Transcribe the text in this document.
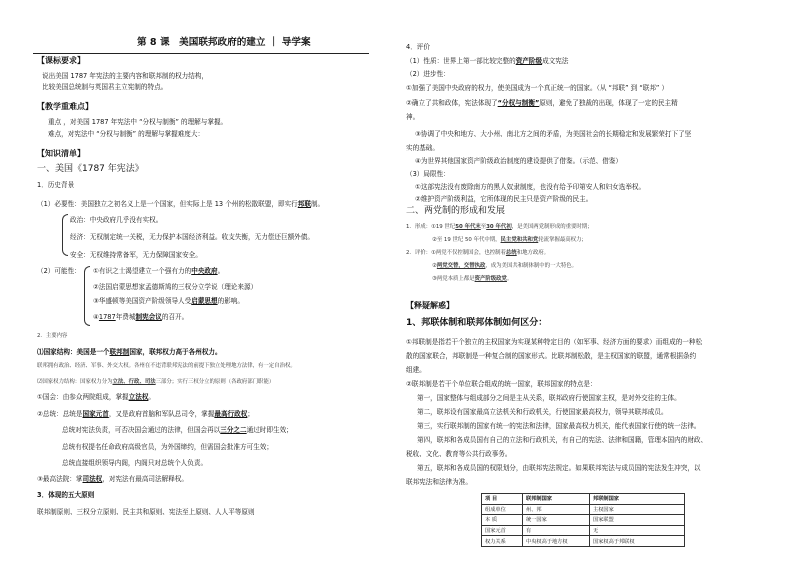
第 8 课　美国联邦政府的建立 ｜ 导学案
【课标要求】
说出美国 1787 年宪法的主要内容和联邦制的权力结构，
比较美国总统制与英国君主立宪制的特点。
【教学重难点】
重点 ，对美国 1787 年宪法中 “分权与制衡” 的理解与掌握。
难点，对宪法中 “分权与制衡” 的理解与掌握难度大：
【知识清单】
一、美国《1787 年宪法》
1．历史背景
（1）必要性：美国独立之初名义上是一个国家，但实际上是 13 个州的松散联盟，即实行邦联制。
政治：中央政府几乎没有实权。
经济：无权制定统一关税，无力保护本国经济利益。收支失衡，无力偿还巨额外债。
安全：无权维持常备军，无力保障国家安全。
（2）可能性： ①有识之士渴望建立一个强有力的中央政府。
②法国启蒙思想家孟德斯鸠的三权分立学说（理论来源）
③华盛顿等美国资产阶级领导人受启蒙思想的影响。
④1787年费城制宪会议的召开。
2．主要内容
⑴国家结构：美国是一个联邦制国家，联邦权力高于各州权力。
联邦拥有政治、经济、军事、外交大权。各州在不违背联邦宪法的前提下独立处理地方法律，有一定自治权。
⑵国家权力结构：国家权力分为立法、行政、司法三部分；实行三权分立的原则（各政府部门职能）
①国会：由参众两院组成，掌握立法权。
②总统：总统是国家元首，又是政府首脑和军队总司令，掌握最高行政权；
总统对宪法负责，可否决国会通过的法律，但国会再以三分之二通过时即生效；
总统有权提名任命政府高级官员，为外国缔约，但需国会批准方可生效；
总统直接组织领导内阁，内阁只对总统个人负责。
③最高法院：掌司法权，对宪法有最高司法解释权。
3．体现的五大原则
联邦制原则、三权分立原则、民主共和原则、宪法至上原则、人人平等原则
4．评价
（1）性质：世界上第一部比较完整的资产阶级成文宪法
（2）进步性：
①加强了美国中央政府的权力，使美国成为一个真正统一的国家。（从 “邦联” 到 “联邦” ）
②确立了共和政体，宪法体现了“分权与制衡”原则，避免了独裁的出现，体现了一定的民主精
神。
③协调了中央和地方、大小州、南北方之间的矛盾，为美国社会的长期稳定和发展繁荣打下了坚
实的基础。
④为世界其他国家资产阶级政治制度的建设提供了借鉴。（示范、借鉴）
（3）局限性：
①这部宪法没有废除南方的黑人奴隶制度，也没有给予印第安人和妇女选举权。
②维护资产阶级利益，它所体现的民主只是资产阶级的民主。
二、两党制的形成和发展
1．形成：①19 世纪50 年代末至30 年代初，是美国两党制形成的重要时期；
②至 19 世纪 50 年代中期，民主党和共和党轮流掌握最高权力；
2．评价：①两党不仅控制国会，也控制着总统和地方政府。
②两党交替，交替执政，成为美国共和制体制中的一大特色。
③两党本质上都是资产阶级政党。
【释疑解惑】
1、邦联体制和联邦体制如何区分：
①邦联制是指若干个独立的主权国家为实现某种特定目的（如军事、经济方面的要求）而组成的一种松
散的国家联合，邦联制是一种复合制的国家形式。比联邦制松散，是主权国家的联盟，通常根据条约
组建。
②联邦制是若干个单位联合组成的统一国家，联邦国家的特点是：
第一，国家整体与组成部分之间是主从关系，联邦政府行使国家主权，是对外交往的主体。
第二，联邦设有国家最高立法机关和行政机关，行使国家最高权力，领导其联邦成员。
第三，实行联邦制的国家有统一的宪法和法律，国家最高权力机关，能代表国家行使的统一法律。
第四，联邦和各成员国有自己的立法和行政机关，有自己的宪法、法律和国籍，管理本国内的财政、
税收、文化、教育等公共行政事务。
第五，联邦和各成员国的权限划分，由联邦宪法规定。如果联邦宪法与成员国的宪法发生冲突，以
联邦宪法和法律为准。
项 目	联邦制国家	邦联制国家
组成单位	州、邦	主权国家
本 质	统一国家	国家联盟
国家元首	有	无
权力关系	中央权高于地方权	国家权高于邦联权
